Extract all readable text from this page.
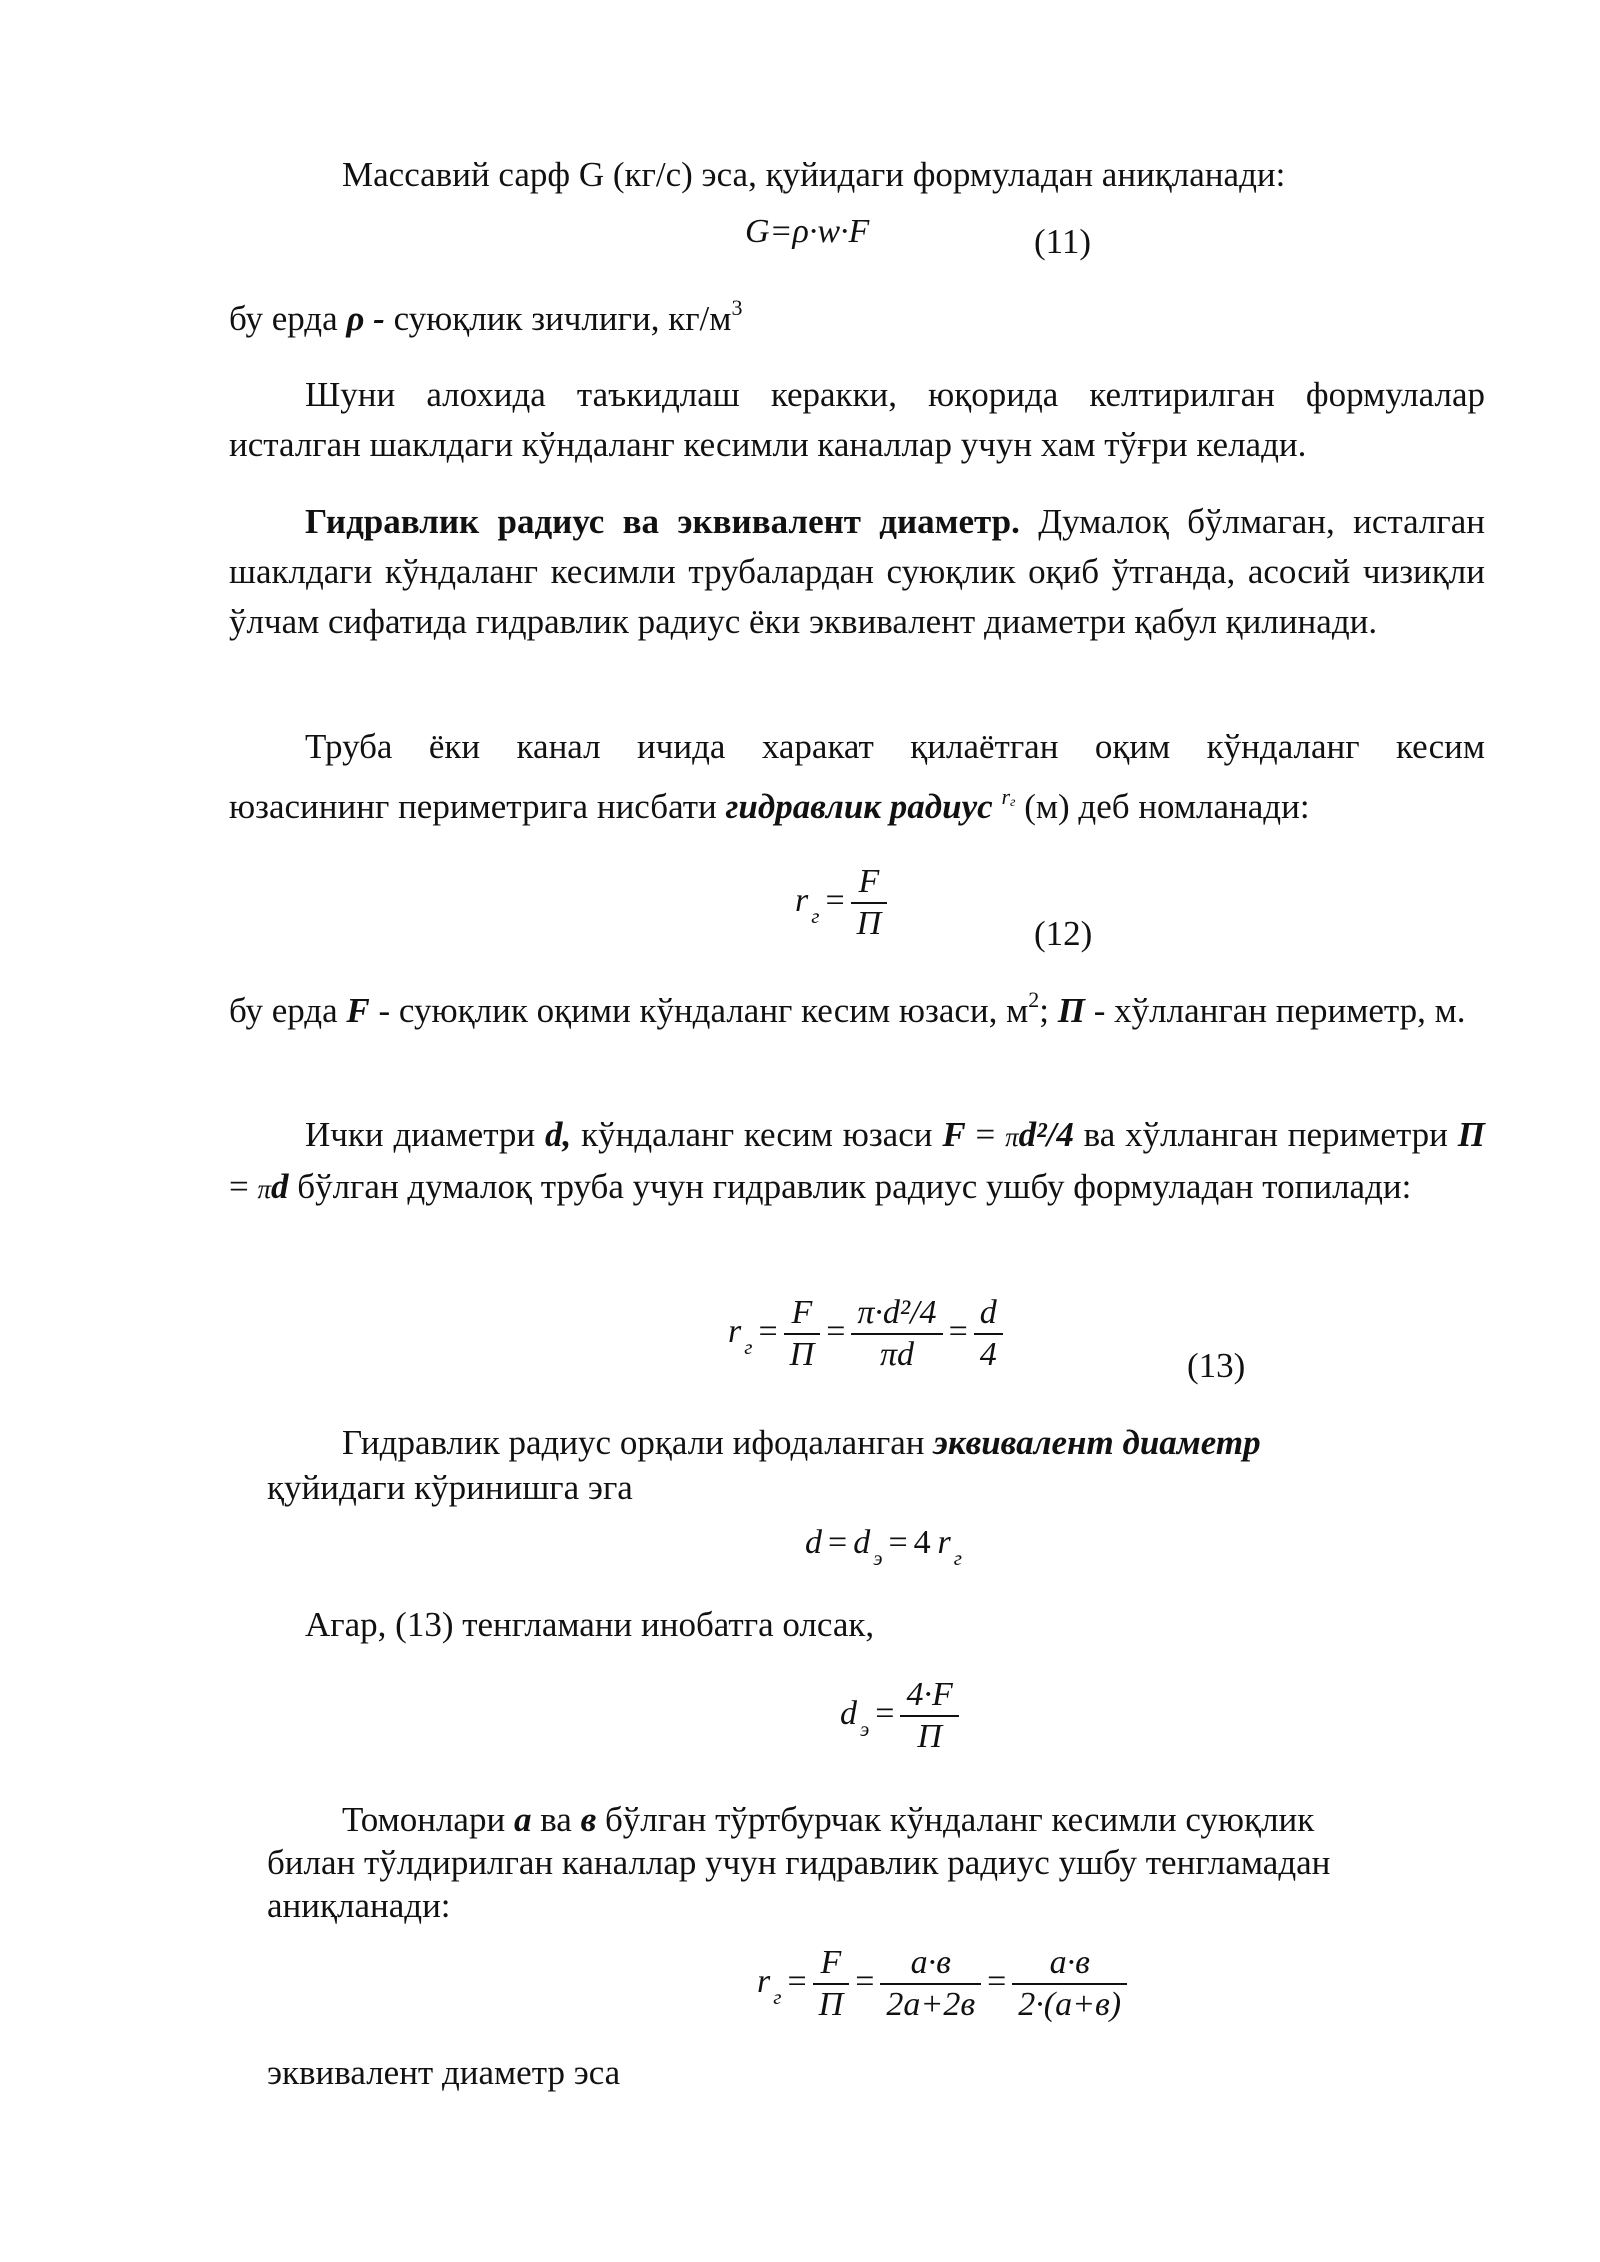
Массавий сарф G (кг/с) эса, қуйидаги формуладан аниқланади:
G=ρ·w·F	(11)
бу ерда ρ - суюқлик зичлиги, $кг/м^3$
Шуни алохида таъкидлаш керакки, юқорида келтирилган формулалар исталган шаклдаги кўндаланг кесимли каналлар учун хам тўғри келади.
Гидравлик радиус ва эквивалент диаметр. Думалоқ бўлмаган, исталган шаклдаги кўндаланг кесимли трубалардан суюқлик оқиб ўтганда, асосий чизиқли ўлчам сифатида гидравлик радиус ёки эквивалент диаметри қабул қилинади.
Труба ёки канал ичида харакат қилаётган оқим кўндаланг кесим
юзасининг периметрига нисбати гидравлик радиус $^{rг}$ (м) деб номланади:
r $_г = \frac{F}{П}$	(12)
бу ерда F - суюқлик оқими кўндаланг кесим юзаси, $м^2$; П - хўлланган периметр, м.
Ички диаметри d, кўндаланг кесим юзаси F = πd²/4 ва хўлланган периметри П = πd бўлган думалоқ труба учун гидравлик радиус ушбу формуладан топилади:
r $_г = \frac{F}{П} = \frac{\text{π·d²/4}}{\pi d} = \frac{d}{4}$	(13)
Гидравлик радиус орқали ифодаланган эквивалент диаметр
қуйидаги кўринишга эга
d = d $_э$ = 4  r $_г$
Агар, (13) тенгламани инобатга олсак,
d $_э = \frac{4\cdot F}{П}$
Томонлари а ва в бўлган тўртбурчак кўндаланг кесимли суюқлик
билан тўлдирилган каналлар учун гидравлик радиус ушбу тенгламадан
аниқланади:
r $_г = \frac{F}{П} = \frac{а\cdot в}{2а+2в} = \frac{а\cdot в}{2\cdot(а+в)}$
эквивалент диаметр эса
